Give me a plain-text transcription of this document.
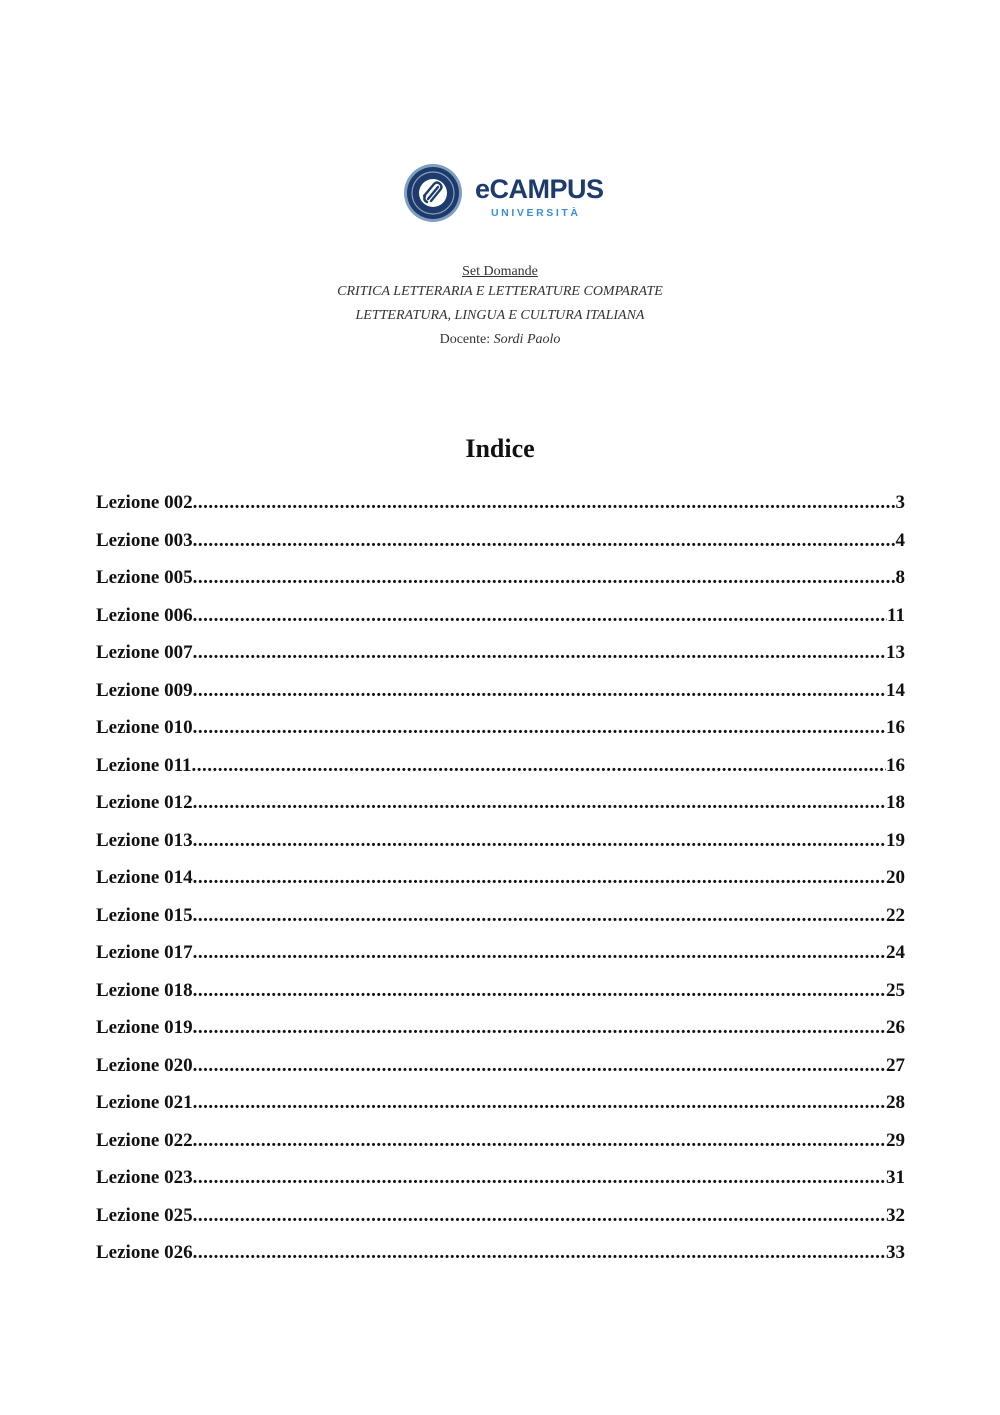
eCAMPUS
UNIVERSITÀ
Set Domande
CRITICA LETTERARIA E LETTERATURE COMPARATE
LETTERATURA, LINGUA E CULTURA ITALIANA
Docente: Sordi Paolo
Indice
Lezione 002 .....	3
Lezione 003 .....	4
Lezione 005 .....	8
Lezione 006 .....	11
Lezione 007 .....	13
Lezione 009 .....	14
Lezione 010 .....	16
Lezione 011 .....	16
Lezione 012 .....	18
Lezione 013 .....	19
Lezione 014 .....	20
Lezione 015 .....	22
Lezione 017 .....	24
Lezione 018 .....	25
Lezione 019 .....	26
Lezione 020 .....	27
Lezione 021 .....	28
Lezione 022 .....	29
Lezione 023 .....	31
Lezione 025 .....	32
Lezione 026 .....	33
